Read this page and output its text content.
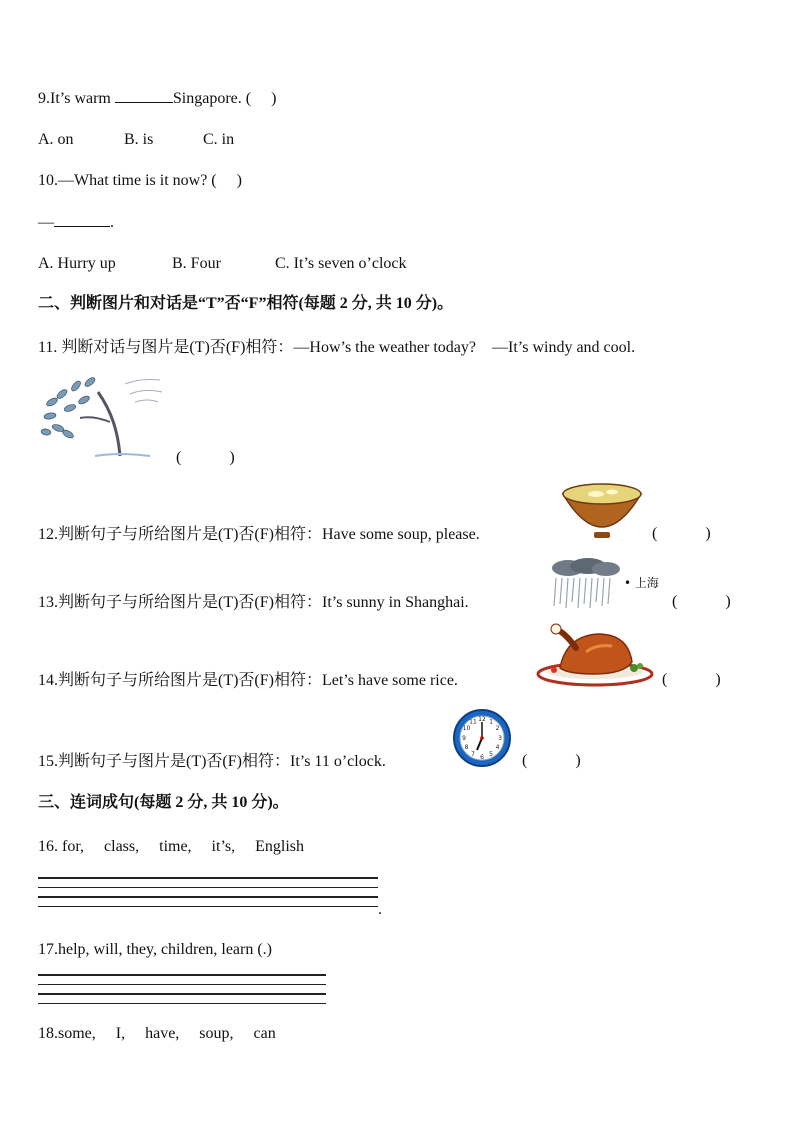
9.It’s warm	Singapore. (　 )
A. on	B. is	C. in
10.—What time is it now? (　 )
—	.
A. Hurry up	B. Four	C. It’s seven o’clock
二、判断图片和对话是“T”否“F”相符(每题 2 分, 共 10 分)。
11. 判断对话与图片是(T)否(F)相符：—How’s the weather today?　—It’s windy and cool.
(　　　)
12.判断句子与所给图片是(T)否(F)相符：Have some soup, please.	(　　　)
13.判断句子与所给图片是(T)否(F)相符：It’s sunny in Shanghai.
• 上海
(　　　)
14.判断句子与所给图片是(T)否(F)相符：Let’s have some rice.	(　　　)
15.判断句子与图片是(T)否(F)相符：It’s 11 o’clock.
12 1
2
3
4
5
6
7
8
9
10
11
(　　　)
三、连词成句(每题 2 分, 共 10 分)。
16. for,　 class,　 time,　 it’s,　 English
.
17.help, will, they, children, learn (.)
18.some,　 I,　 have,　 soup,　 can
